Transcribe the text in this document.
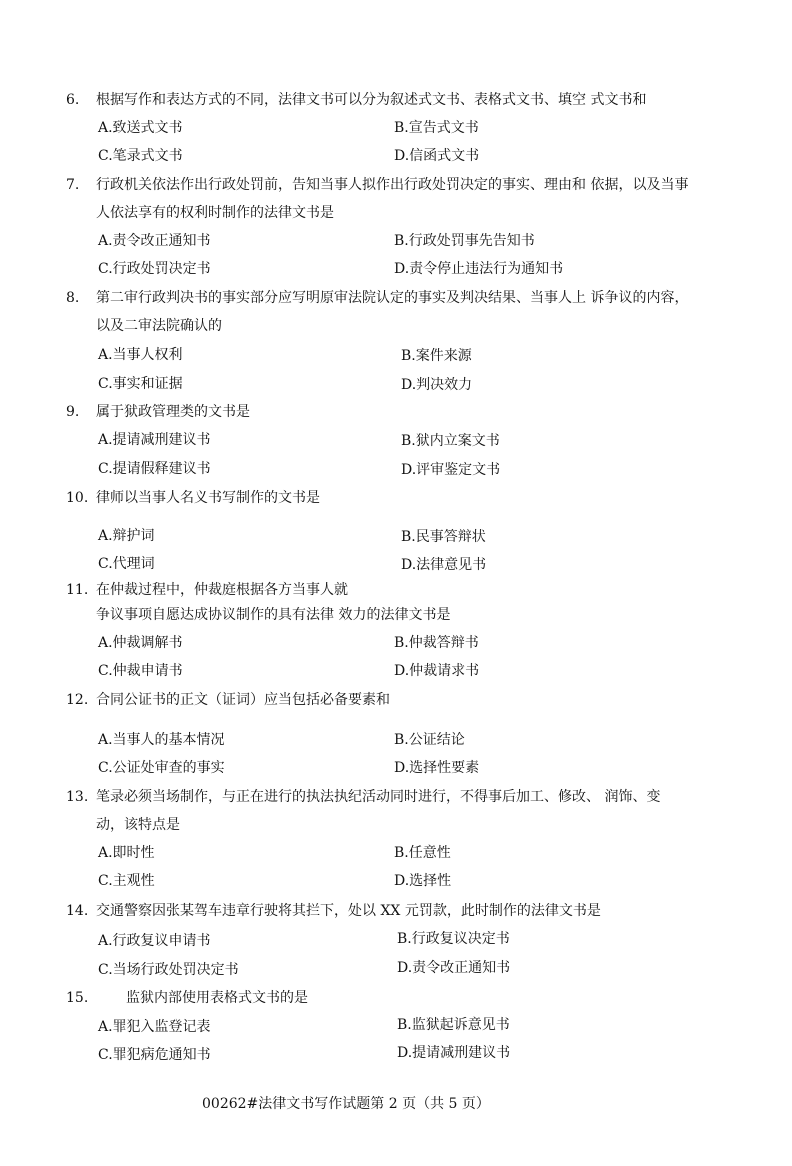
6. 根据写作和表达方式的不同，法律文书可以分为叙述式文书、表格式文书、填空 式文书和
A.致送式文书	B.宣告式文书
C.笔录式文书	D.信函式文书
7. 行政机关依法作出行政处罚前，告知当事人拟作出行政处罚决定的事实、理由和 依据，以及当事
人依法享有的权利时制作的法律文书是
A.责令改正通知书	B.行政处罚事先告知书
C.行政处罚决定书	D.责令停止违法行为通知书
8. 第二审行政判决书的事实部分应写明原审法院认定的事实及判决结果、当事人上 诉争议的内容，
以及二审法院确认的
A.当事人权利	B.案件来源
C.事实和证据	D.判决效力
9. 属于狱政管理类的文书是
A.提请减刑建议书	B.狱内立案文书
C.提请假释建议书	D.评审鉴定文书
10. 律师以当事人名义书写制作的文书是
A.辩护词	B.民事答辩状
C.代理词	D.法律意见书
11. 在仲裁过程中，仲裁庭根据各方当事人就
争议事项自愿达成协议制作的具有法律 效力的法律文书是
A.仲裁调解书	B.仲裁答辩书
C.仲裁申请书	D.仲裁请求书
12. 合同公证书的正文（证词）应当包括必备要素和
A.当事人的基本情况	B.公证结论
C.公证处审查的事实	D.选择性要素
13. 笔录必须当场制作，与正在进行的执法执纪活动同时进行，不得事后加工、修改、 润饰、变
动，该特点是
A.即时性	B.任意性
C.主观性	D.选择性
14. 交通警察因张某驾车违章行驶将其拦下，处以 XX 元罚款，此时制作的法律文书是
A.行政复议申请书	B.行政复议决定书
C.当场行政处罚决定书	D.责令改正通知书
15.	监狱内部使用表格式文书的是
A.罪犯入监登记表	B.监狱起诉意见书
C.罪犯病危通知书	D.提请减刑建议书
00262#法律文书写作试题第 2 页（共 5 页）
